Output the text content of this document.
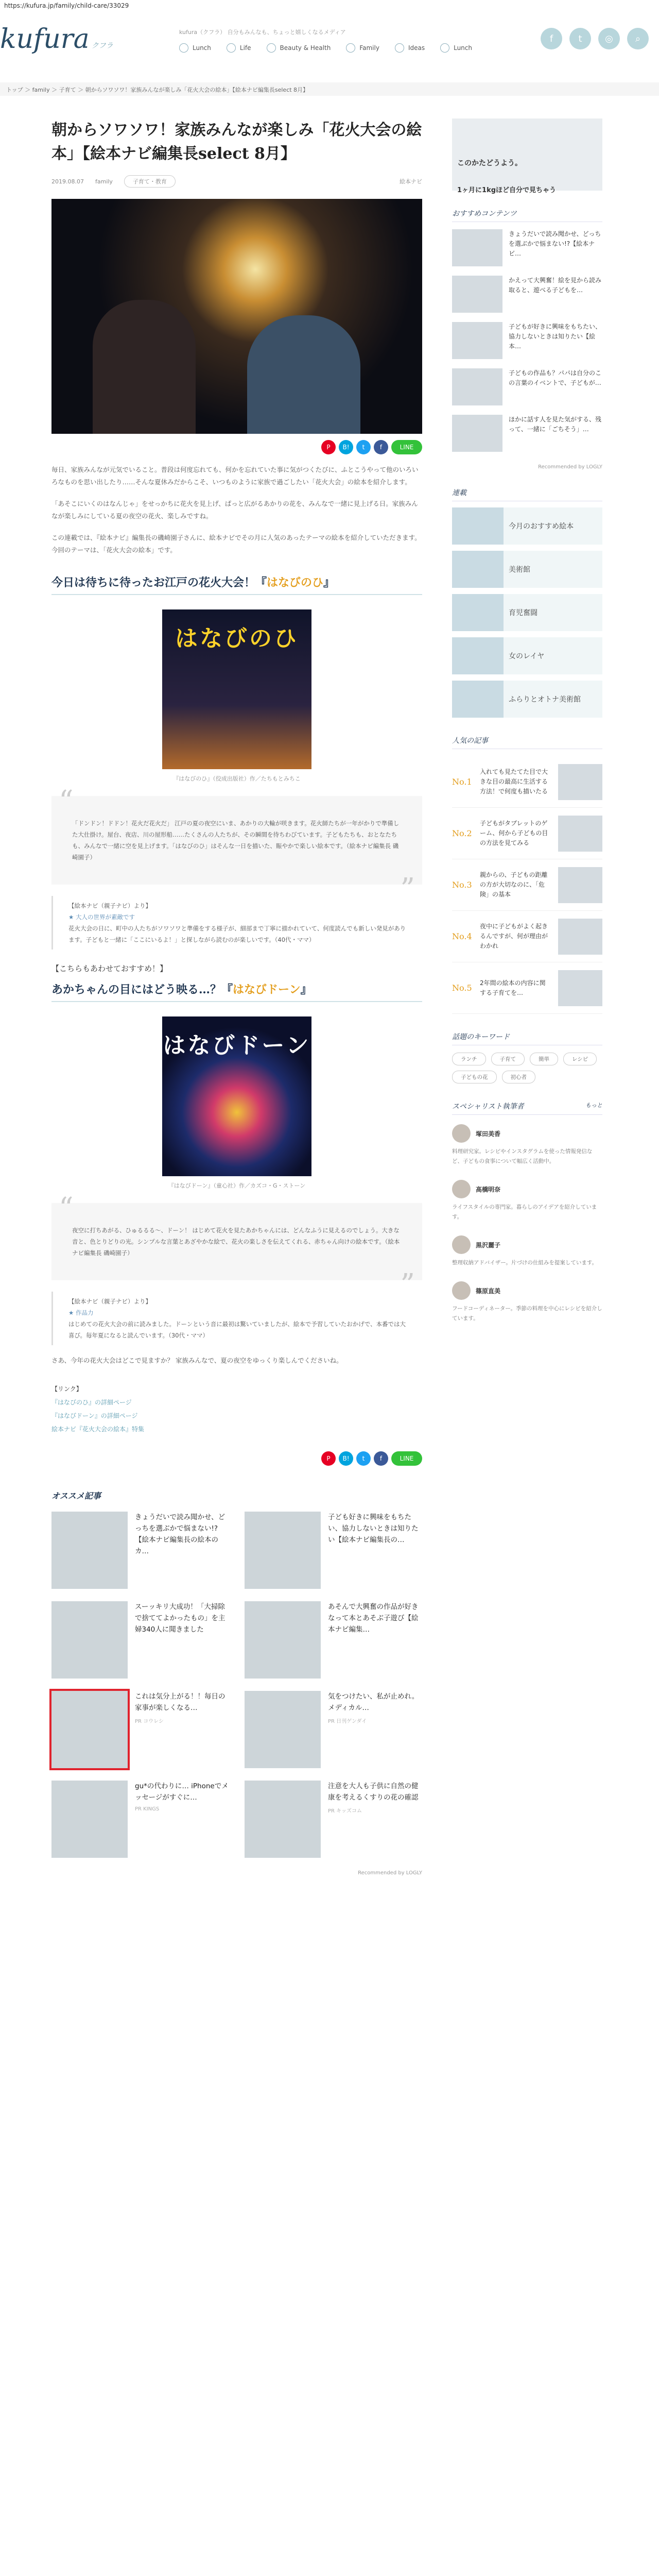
https://kufura.jp/family/child-care/33029
kufura クフラ
kufura（クフラ） 自分もみんなも、ちょっと嬉しくなるメディア
Lunch	Life	Beauty & Health	Family	Ideas	Lunch
f	t	◎	⌕
トップ ＞ family ＞ 子育て ＞ 朝からソワソワ！家族みんなが楽しみ「花火大会の絵本」【絵本ナビ編集長select 8月】
朝からソワソワ！家族みんなが楽しみ「花火大会の絵本」【絵本ナビ編集長select 8月】
2019.08.07 family	子育て・教育	絵本ナビ
P	B!	t	f	LINE

毎日、家族みんなが元気でいること。普段は何度忘れても、何かを忘れていた事に気がつくたびに、ふとこうやって他のいろいろなものを思い出したり……そんな夏休みだからこそ、いつものように家族で過ごしたい「花火大会」の絵本を紹介します。

「あそこにいくのはなんじゃ」をせっかちに花火を見上げ、ぱっと広がるあかりの花を、みんなで一緒に見上げる日。家族みんなが楽しみにしている夏の夜空の花火、楽しみですね。

この連載では、『絵本ナビ』編集長の磯崎園子さんに、絵本ナビでその月に人気のあったテーマの絵本を紹介していただきます。今回のテーマは、「花火大会の絵本」です。

今日は待ちに待ったお江戸の花火大会！『はなびのひ』
はなびのひ
『はなびのひ』（佼成出版社）作／たちもとみちこ
“
「ドンドン！ドドン！花火だ花火だ」 江戸の夏の夜空にいま、あかりの大輪が咲きます。花火師たちが一年がかりで準備した大仕掛け。屋台、夜店、川の屋形船……たくさんの人たちが、その瞬間を待ちわびています。子どもたちも、おとなたちも、みんなで一緒に空を見上げます。「はなびのひ」はそんな一日を描いた、賑やかで楽しい絵本です。（絵本ナビ編集長 磯崎園子）
”
【絵本ナビ（親子ナビ）より】
★ 大人の世界が素敵です
花火大会の日に、町中の人たちがソワソワと準備をする様子が、細部まで丁寧に描かれていて、何度読んでも新しい発見があります。子どもと一緒に「ここにいるよ！」と探しながら読むのが楽しいです。（40代・ママ）
【こちらもあわせておすすめ！】
あかちゃんの目にはどう映る…？『はなびドーン』
はなびドーン
『はなびドーン』（童心社）作／カズコ・G・ストーン
“
夜空に打ちあがる、ひゅるるる～、ドーン！ はじめて花火を見たあかちゃんには、どんなふうに見えるのでしょう。大きな音と、色とりどりの光。シンプルな言葉とあざやかな絵で、花火の楽しさを伝えてくれる、赤ちゃん向けの絵本です。（絵本ナビ編集長 磯崎園子）
”
【絵本ナビ（親子ナビ）より】
★ 作品力
はじめての花火大会の前に読みました。ドーンという音に最初は驚いていましたが、絵本で予習していたおかげで、本番では大喜び。毎年夏になると読んでいます。（30代・ママ）

さあ、今年の花火大会はどこで見ますか？ 家族みんなで、夏の夜空をゆっくり楽しんでくださいね。

【リンク】
『はなびのひ』の詳細ページ
『はなびドーン』の詳細ページ
絵本ナビ『花火大会の絵本』特集
P	B!	t	f	LINE
オススメ記事
きょうだいで読み聞かせ、どっちを選ぶかで悩まない!?【絵本ナビ編集長の絵本のカ…
子ども好きに興味をもちたい、協力しないときは知りたい【絵本ナビ編集長の…
スーッキリ大成功！「大掃除で捨ててよかったもの」を主婦340人に聞きました
あそんで大興奮の作品が好きなって本とあそぶ子遊び【絵本ナビ編集…
これは気分上がる！！毎日の家事が楽しくなる…
PR コウレシ
気をつけたい、私が止めれ。メディカル…
PR 日刊ゲンダイ
gu*の代わりに… iPhoneでメッセージがすぐに…
PR KINGS
注意を大人も子供に自然の健康を考えるくすりの花の確認
PR キッズコム
Recommended by LOGLY
このかたどうよう。
1ヶ月に1kgほど自分で見ちゃう
おすすめコンテンツ
きょうだいで読み聞かせ、どっちを選ぶかで悩まない!?【絵本ナビ…
かえって大興奮！絵を見から読み取ると、遊べる子どもを…
子どもが好きに興味をもちたい、協力しないときは知りたい【絵本…
子どもの作品も？パパは自分のこの言葉のイベントで、子どもが…
ほかに話す人を見た気がする、残って、一緒に「ごちそう」…
Recommended by LOGLY
連載
今月のおすすめ絵本
美術館
育児奮闘
女のレイヤ
ふらりとオトナ美術館
人気の記事
No.1
入れても見たてた目で大きな目の最高に生活する方法！で何度も描いたる
No.2
子どもがタブレットのゲーム、何から子どもの目の方法を見てみる
No.3
親からの、子どもの距離の方が大切なのに、「危険」の基本
No.4
夜中に子どもがよく起きるんですが、何が理由がわかれ
No.5
2年間の絵本の内容に関する子育てを…
話題のキーワード
ランチ	子育て	簡単	レシピ
子どもの花	初心者
スペシャリスト執筆者	もっと
塚田美香

料理研究家。レシピやインスタグラムを使った情報発信など、子どもの食事について幅広く活動中。

高橋明奈

ライフスタイルの専門家。暮らしのアイデアを紹介しています。

黒沢麗子

整理収納アドバイザー。片づけの仕組みを提案しています。

篠原直美

フードコーディネーター。季節の料理を中心にレシピを紹介しています。
